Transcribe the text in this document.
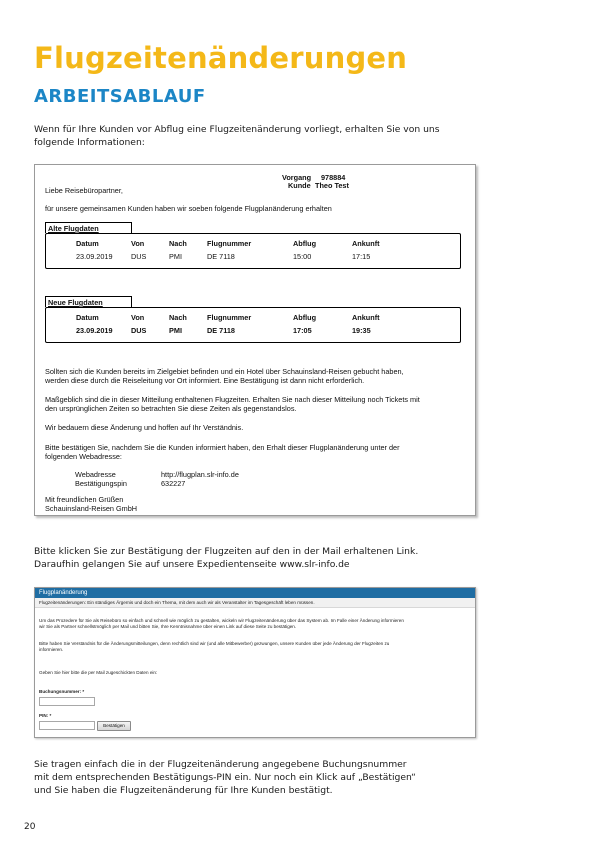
Flugzeitenänderungen
ARBEITSABLAUF

Wenn für Ihre Kunden vor Abflug eine Flugzeitenänderung vorliegt, erhalten Sie von uns folgende Informationen:

Vorgang 978884
Kunde Theo Test
Liebe Reisebüropartner,
für unsere gemeinsamen Kunden haben wir soeben folgende Flugplanänderung erhalten
Alte Flugdaten
Datum	Von	Nach	Flugnummer	Abflug	Ankunft
23.09.2019	DUS	PMI	DE 7118	15:00	17:15
Neue Flugdaten
Datum	Von	Nach	Flugnummer	Abflug	Ankunft
23.09.2019	DUS	PMI	DE 7118	17:05	19:35
Sollten sich die Kunden bereits im Zielgebiet befinden und ein Hotel über Schauinsland-Reisen gebucht haben,
werden diese durch die Reiseleitung vor Ort informiert. Eine Bestätigung ist dann nicht erforderlich.
Maßgeblich sind die in dieser Mitteilung enthaltenen Flugzeiten. Erhalten Sie nach dieser Mitteilung noch Tickets mit
den ursprünglichen Zeiten so betrachten Sie diese Zeiten als gegenstandslos.
Wir bedauern diese Änderung und hoffen auf Ihr Verständnis.
Bitte bestätigen Sie, nachdem Sie die Kunden informiert haben, den Erhalt dieser Flugplanänderung unter der
folgenden Webadresse:
Webadresse	http://flugplan.slr-info.de
Bestätigungspin	632227
Mit freundlichen Grüßen
Schauinsland-Reisen GmbH

Bitte klicken Sie zur Bestätigung der Flugzeiten auf den in der Mail erhaltenen Link.
Daraufhin gelangen Sie auf unsere Expedientenseite www.slr-info.de

Flugplanänderung
Flugzeitenänderungen: Ein ständiges Ärgernis und doch ein Thema, mit dem auch wir als Veranstalter im Tagesgeschäft leben müssen.

Um das Prozedere für Sie als Reisebüro so einfach und schnell wie möglich zu gestalten, wickeln wir Flugzeitenänderung über das System ab. Im Falle einer Änderung informieren
wir Sie als Partner schnellstmöglich per Mail und bitten Sie, Ihre Kenntnisnahme über einen Link auf diese Seite zu bestätigen.

Bitte haben Sie Verständnis für die Änderungsmitteilungen, denn rechtlich sind wir (und alle Mitbewerber) gezwungen, unsere Kunden über jede Änderung der Flugzeiten zu
informieren.

Geben Sie hier bitte die per Mail zugeschickten Daten ein:

Buchungsnummer: *
PIN: *
Bestätigen

Sie tragen einfach die in der Flugzeitenänderung angegebene Buchungsnummer
mit dem entsprechenden Bestätigungs-PIN ein. Nur noch ein Klick auf „Bestätigen“
und Sie haben die Flugzeitenänderung für Ihre Kunden bestätigt.

20
